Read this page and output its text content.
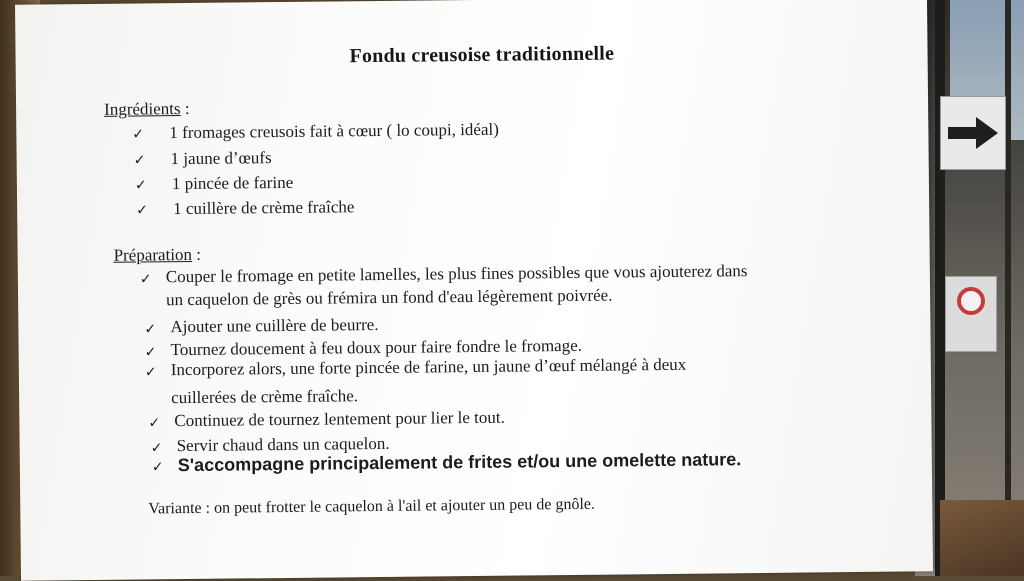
Fondu creusoise traditionnelle
Ingrédients :
✓ 1 fromages creusois fait à cœur ( lo coupi, idéal)
✓ 1 jaune d’œufs
✓ 1 pincée de farine
✓ 1 cuillère de crème fraîche
Préparation :
✓ Couper le fromage en petite lamelles, les plus fines possibles que vous ajouterez dans
un caquelon de grès ou frémira un fond d'eau légèrement poivrée.
✓ Ajouter une cuillère de beurre.
✓ Tournez doucement à feu doux pour faire fondre le fromage.
✓ Incorporez alors, une forte pincée de farine, un jaune d’œuf mélangé à deux
cuillerées de crème fraîche.
✓ Continuez de tournez lentement pour lier le tout.
✓ Servir chaud dans un caquelon.
✓ S'accompagne principalement de frites et/ou une omelette nature.
Variante : on peut frotter le caquelon à l'ail et ajouter un peu de gnôle.
